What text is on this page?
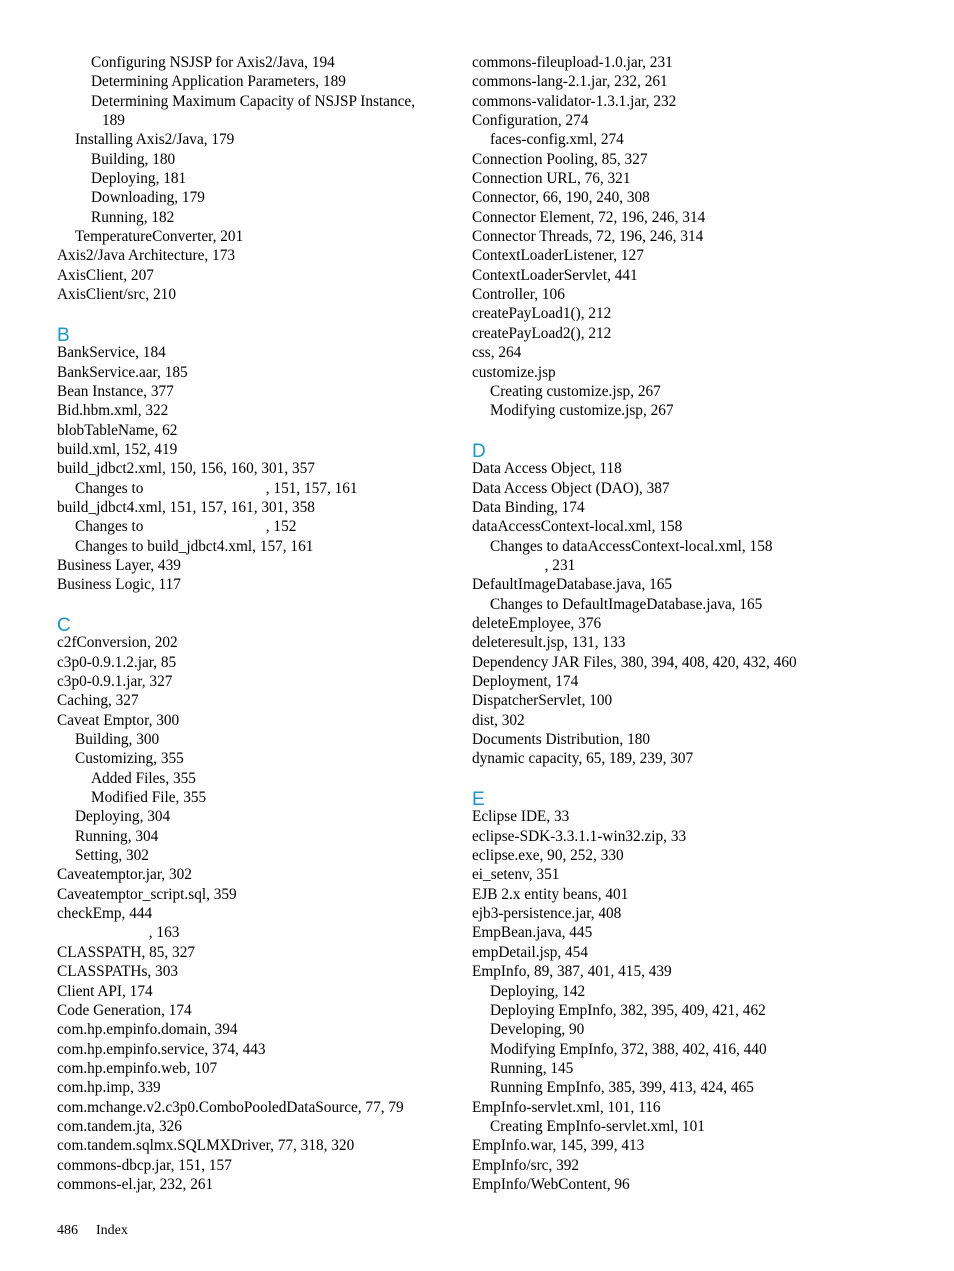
Configuring NSJSP for Axis2/Java, 194
Determining Application Parameters, 189
Determining Maximum Capacity of NSJSP Instance,
189
Installing Axis2/Java, 179
Building, 180
Deploying, 181
Downloading, 179
Running, 182
TemperatureConverter, 201
Axis2/Java Architecture, 173
AxisClient, 207
AxisClient/src, 210
B
BankService, 184
BankService.aar, 185
Bean Instance, 377
Bid.hbm.xml, 322
blobTableName, 62
build.xml, 152, 419
build_jdbct2.xml, 150, 156, 160, 301, 357
Changes to                                , 151, 157, 161
build_jdbct4.xml, 151, 157, 161, 301, 358
Changes to                                , 152
Changes to build_jdbct4.xml, 157, 161
Business Layer, 439
Business Logic, 117
C
c2fConversion, 202
c3p0-0.9.1.2.jar, 85
c3p0-0.9.1.jar, 327
Caching, 327
Caveat Emptor, 300
Building, 300
Customizing, 355
Added Files, 355
Modified File, 355
Deploying, 304
Running, 304
Setting, 302
Caveatemptor.jar, 302
Caveatemptor_script.sql, 359
checkEmp, 444
, 163
CLASSPATH, 85, 327
CLASSPATHs, 303
Client API, 174
Code Generation, 174
com.hp.empinfo.domain, 394
com.hp.empinfo.service, 374, 443
com.hp.empinfo.web, 107
com.hp.imp, 339
com.mchange.v2.c3p0.ComboPooledDataSource, 77, 79
com.tandem.jta, 326
com.tandem.sqlmx.SQLMXDriver, 77, 318, 320
commons-dbcp.jar, 151, 157
commons-el.jar, 232, 261
commons-fileupload-1.0.jar, 231
commons-lang-2.1.jar, 232, 261
commons-validator-1.3.1.jar, 232
Configuration, 274
faces-config.xml, 274
Connection Pooling, 85, 327
Connection URL, 76, 321
Connector, 66, 190, 240, 308
Connector Element, 72, 196, 246, 314
Connector Threads, 72, 196, 246, 314
ContextLoaderListener, 127
ContextLoaderServlet, 441
Controller, 106
createPayLoad1(), 212
createPayLoad2(), 212
css, 264
customize.jsp
Creating customize.jsp, 267
Modifying customize.jsp, 267
D
Data Access Object, 118
Data Access Object (DAO), 387
Data Binding, 174
dataAccessContext-local.xml, 158
Changes to dataAccessContext-local.xml, 158
, 231
DefaultImageDatabase.java, 165
Changes to DefaultImageDatabase.java, 165
deleteEmployee, 376
deleteresult.jsp, 131, 133
Dependency JAR Files, 380, 394, 408, 420, 432, 460
Deployment, 174
DispatcherServlet, 100
dist, 302
Documents Distribution, 180
dynamic capacity, 65, 189, 239, 307
E
Eclipse IDE, 33
eclipse-SDK-3.3.1.1-win32.zip, 33
eclipse.exe, 90, 252, 330
ei_setenv, 351
EJB 2.x entity beans, 401
ejb3-persistence.jar, 408
EmpBean.java, 445
empDetail.jsp, 454
EmpInfo, 89, 387, 401, 415, 439
Deploying, 142
Deploying EmpInfo, 382, 395, 409, 421, 462
Developing, 90
Modifying EmpInfo, 372, 388, 402, 416, 440
Running, 145
Running EmpInfo, 385, 399, 413, 424, 465
EmpInfo-servlet.xml, 101, 116
Creating EmpInfo-servlet.xml, 101
EmpInfo.war, 145, 399, 413
EmpInfo/src, 392
EmpInfo/WebContent, 96
486 Index
